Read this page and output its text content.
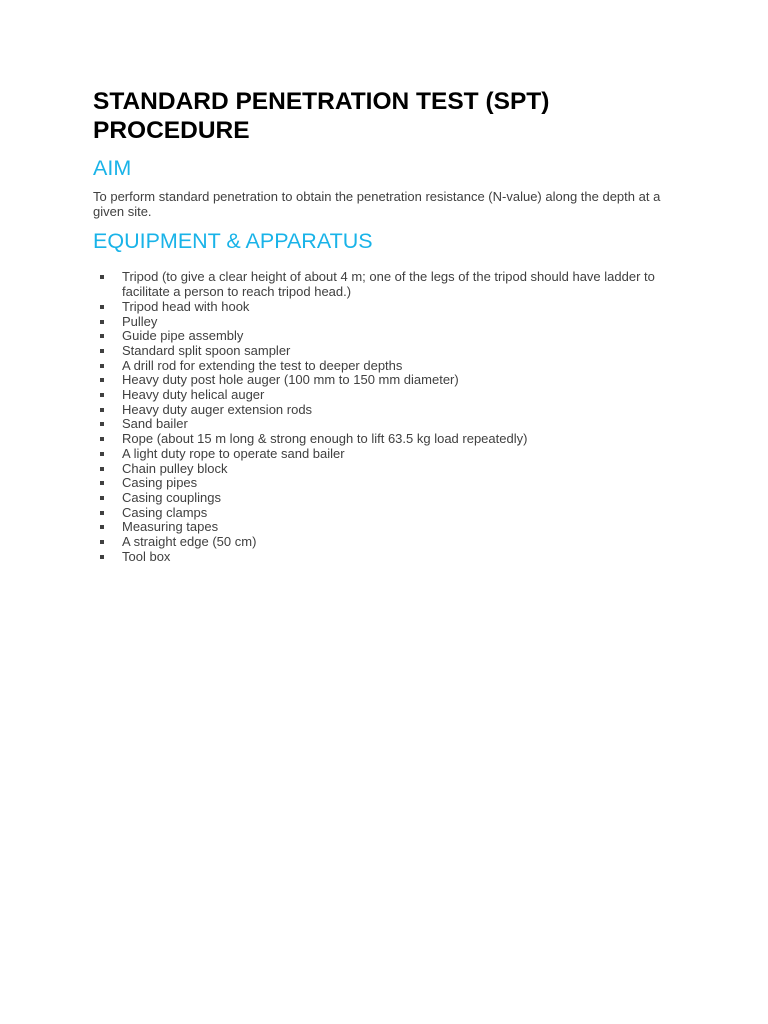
STANDARD PENETRATION TEST (SPT)
PROCEDURE
AIM

To perform standard penetration to obtain the penetration resistance (N-value) along the depth at a given site.

EQUIPMENT & APPARATUS
Tripod (to give a clear height of about 4 m; one of the legs of the tripod should have ladder to facilitate a person to reach tripod head.)
Tripod head with hook
Pulley
Guide pipe assembly
Standard split spoon sampler
A drill rod for extending the test to deeper depths
Heavy duty post hole auger (100 mm to 150 mm diameter)
Heavy duty helical auger
Heavy duty auger extension rods
Sand bailer
Rope (about 15 m long & strong enough to lift 63.5 kg load repeatedly)
A light duty rope to operate sand bailer
Chain pulley block
Casing pipes
Casing couplings
Casing clamps
Measuring tapes
A straight edge (50 cm)
Tool box
